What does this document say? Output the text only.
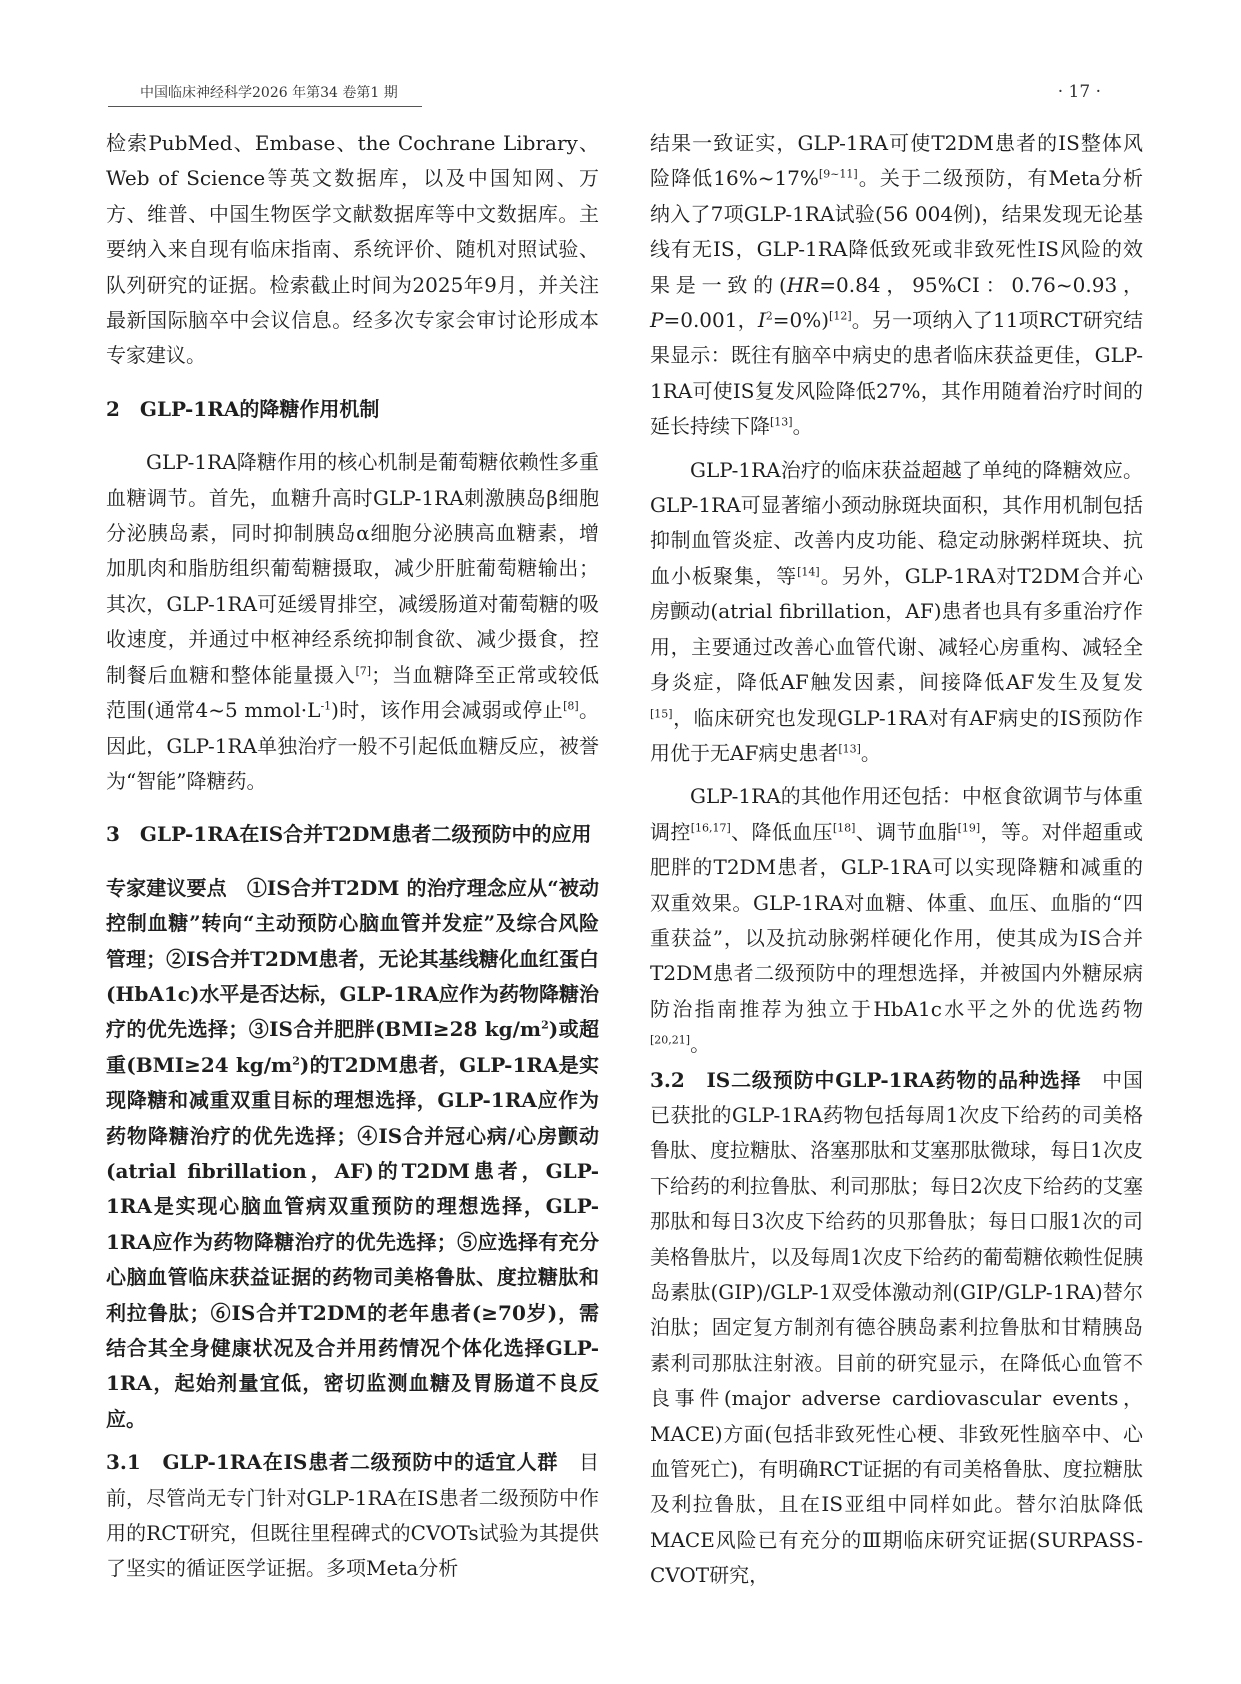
中国临床神经科学2026 年第34 卷第1 期	· 17 ·

检索PubMed、Embase、the Cochrane Library、Web of Science等英文数据库，以及中国知网、万方、维普、中国生物医学文献数据库等中文数据库。主要纳入来自现有临床指南、系统评价、随机对照试验、队列研究的证据。检索截止时间为2025年9月，并关注最新国际脑卒中会议信息。经多次专家会审讨论形成本专家建议。

2　GLP-1RA的降糖作用机制

GLP-1RA降糖作用的核心机制是葡萄糖依赖性多重血糖调节。首先，血糖升高时GLP-1RA刺激胰岛β细胞分泌胰岛素，同时抑制胰岛α细胞分泌胰高血糖素，增加肌肉和脂肪组织葡萄糖摄取，减少肝脏葡萄糖输出；其次，GLP-1RA可延缓胃排空，减缓肠道对葡萄糖的吸收速度，并通过中枢神经系统抑制食欲、减少摄食，控制餐后血糖和整体能量摄入[7]；当血糖降至正常或较低范围(通常4~5 $mmol\cdot L^{-1}$)时，该作用会减弱或停止[8]。因此，GLP-1RA单独治疗一般不引起低血糖反应，被誉为“智能”降糖药。

3　GLP-1RA在IS合并T2DM患者二级预防中的应用

专家建议要点　①IS合并T2DM 的治疗理念应从“被动控制血糖”转向“主动预防心脑血管并发症”及综合风险管理；②IS合并T2DM患者，无论其基线糖化血红蛋白(HbA1c)水平是否达标，GLP-1RA应作为药物降糖治疗的优先选择；③IS合并肥胖(BMI≥28 $kg/m^2$)或超重(BMI≥24 $kg/m^2$)的T2DM患者，GLP-1RA是实现降糖和减重双重目标的理想选择，GLP-1RA应作为药物降糖治疗的优先选择；④IS合并冠心病/心房颤动(atrial fibrillation，AF)的T2DM患者，GLP-1RA是实现心脑血管病双重预防的理想选择，GLP-1RA应作为药物降糖治疗的优先选择；⑤应选择有充分心脑血管临床获益证据的药物司美格鲁肽、度拉糖肽和利拉鲁肽；⑥IS合并T2DM的老年患者(≥70岁)，需结合其全身健康状况及合并用药情况个体化选择GLP-1RA，起始剂量宜低，密切监测血糖及胃肠道不良反应。

3.1　GLP-1RA在IS患者二级预防中的适宜人群　目前，尽管尚无专门针对GLP-1RA在IS患者二级预防中作用的RCT研究，但既往里程碑式的CVOTs试验为其提供了坚实的循证医学证据。多项Meta分析

结果一致证实，GLP-1RA可使T2DM患者的IS整体风险降低16%~17%[9~11]。关于二级预防，有Meta分析纳入了7项GLP-1RA试验(56 004例)，结果发现无论基线有无IS，GLP-1RA降低致死或非致死性IS风险的效果是一致的(HR=0.84，95%CI：0.76~0.93，P=0.001，$I^2=0\%)[12]$。另一项纳入了11项RCT研究结果显示：既往有脑卒中病史的患者临床获益更佳，GLP-1RA可使IS复发风险降低27%，其作用随着治疗时间的延长持续下降[13]。

GLP-1RA治疗的临床获益超越了单纯的降糖效应。GLP-1RA可显著缩小颈动脉斑块面积，其作用机制包括抑制血管炎症、改善内皮功能、稳定动脉粥样斑块、抗血小板聚集，等[14]。另外，GLP-1RA对T2DM合并心房颤动(atrial fibrillation，AF)患者也具有多重治疗作用，主要通过改善心血管代谢、减轻心房重构、减轻全身炎症，降低AF触发因素，间接降低AF发生及复发[15]，临床研究也发现GLP-1RA对有AF病史的IS预防作用优于无AF病史患者[13]。

GLP-1RA的其他作用还包括：中枢食欲调节与体重调控[16,17]、降低血压[18]、调节血脂[19]，等。对伴超重或肥胖的T2DM患者，GLP-1RA可以实现降糖和减重的双重效果。GLP-1RA对血糖、体重、血压、血脂的“四重获益”，以及抗动脉粥样硬化作用，使其成为IS合并T2DM患者二级预防中的理想选择，并被国内外糖尿病防治指南推荐为独立于HbA1c水平之外的优选药物[20,21]。

3.2　IS二级预防中GLP-1RA药物的品种选择　中国已获批的GLP-1RA药物包括每周1次皮下给药的司美格鲁肽、度拉糖肽、洛塞那肽和艾塞那肽微球，每日1次皮下给药的利拉鲁肽、利司那肽；每日2次皮下给药的艾塞那肽和每日3次皮下给药的贝那鲁肽；每日口服1次的司美格鲁肽片，以及每周1次皮下给药的葡萄糖依赖性促胰岛素肽(GIP)/GLP-1双受体激动剂(GIP/GLP-1RA)替尔泊肽；固定复方制剂有德谷胰岛素利拉鲁肽和甘精胰岛素利司那肽注射液。目前的研究显示，在降低心血管不良事件(major adverse cardiovascular events，MACE)方面(包括非致死性心梗、非致死性脑卒中、心血管死亡)，有明确RCT证据的有司美格鲁肽、度拉糖肽及利拉鲁肽，且在IS亚组中同样如此。替尔泊肽降低MACE风险已有充分的Ⅲ期临床研究证据(SURPASS-CVOT研究，
